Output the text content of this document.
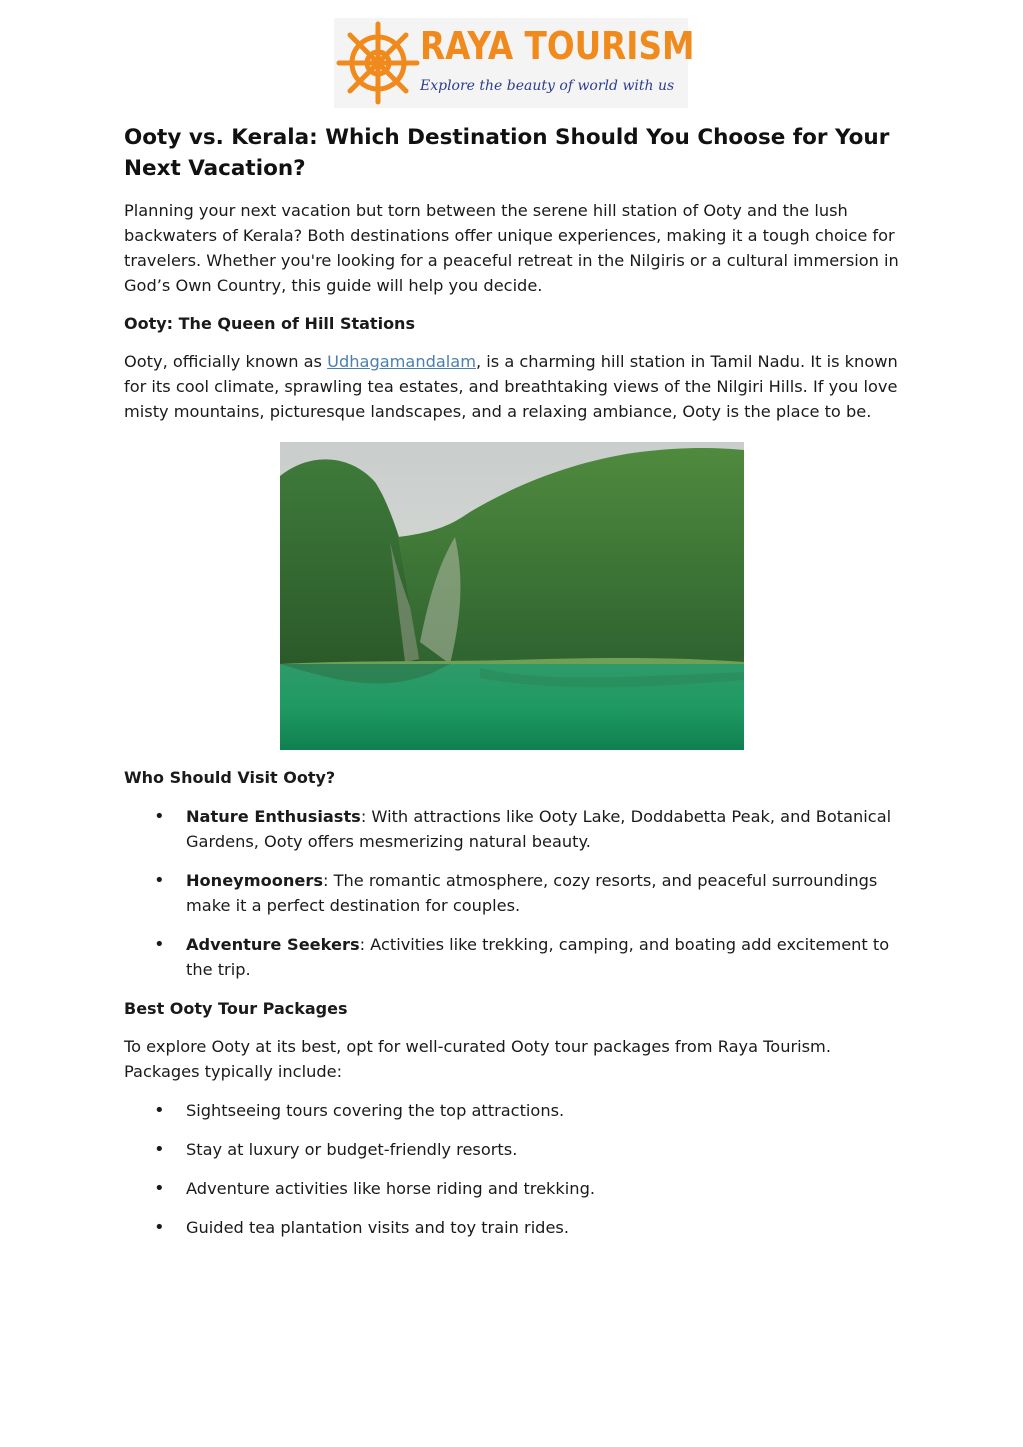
RAYA TOURISM
Explore the beauty of world with us
Ooty vs. Kerala: Which Destination Should You Choose for Your Next Vacation?

Planning your next vacation but torn between the serene hill station of Ooty and the lush backwaters of Kerala? Both destinations offer unique experiences, making it a tough choice for travelers. Whether you're looking for a peaceful retreat in the Nilgiris or a cultural immersion in God’s Own Country, this guide will help you decide.

Ooty: The Queen of Hill Stations

Ooty, officially known as Udhagamandalam, is a charming hill station in Tamil Nadu. It is known for its cool climate, sprawling tea estates, and breathtaking views of the Nilgiri Hills. If you love misty mountains, picturesque landscapes, and a relaxing ambiance, Ooty is the place to be.

Who Should Visit Ooty?

• Nature Enthusiasts: With attractions like Ooty Lake, Doddabetta Peak, and Botanical Gardens, Ooty offers mesmerizing natural beauty.
• Honeymooners: The romantic atmosphere, cozy resorts, and peaceful surroundings make it a perfect destination for couples.
• Adventure Seekers: Activities like trekking, camping, and boating add excitement to the trip.

Best Ooty Tour Packages

To explore Ooty at its best, opt for well-curated Ooty tour packages from Raya Tourism. Packages typically include:

• Sightseeing tours covering the top attractions.
• Stay at luxury or budget-friendly resorts.
• Adventure activities like horse riding and trekking.
• Guided tea plantation visits and toy train rides.
